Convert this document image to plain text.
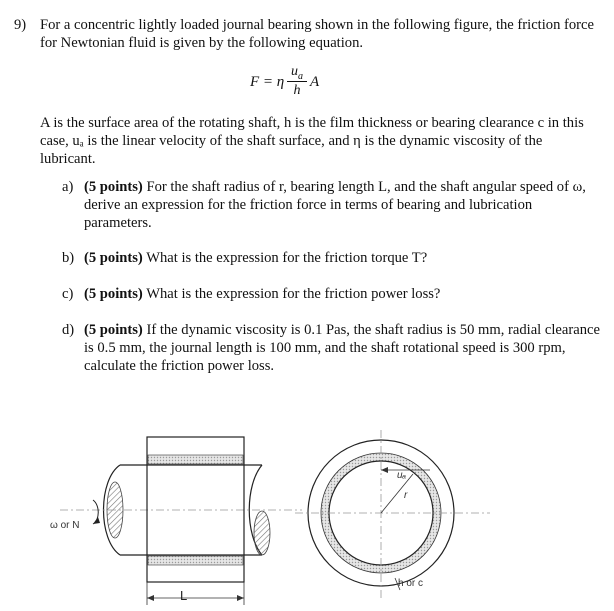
9) For a concentric lightly loaded journal bearing shown in the following figure, the friction force for Newtonian fluid is given by the following equation.
F = η
$u_a$
h
A
A is the surface area of the rotating shaft, h is the film thickness or bearing clearance c in this case, uₐ is the linear velocity of the shaft surface, and η is the dynamic viscosity of the lubricant.
a) (5 points) For the shaft radius of r, bearing length L, and the shaft angular speed of ω, derive an expression for the friction force in terms of bearing and lubrication parameters.
b) (5 points) What is the expression for the friction torque T?
c) (5 points) What is the expression for the friction power loss?
d) (5 points) If the dynamic viscosity is 0.1 Pas, the shaft radius is 50 mm, radial clearance is 0.5 mm, the journal length is 100 mm, and the shaft rotational speed is 300 rpm, calculate the friction power loss.
ω or N
L
uₐ
r
h or c
